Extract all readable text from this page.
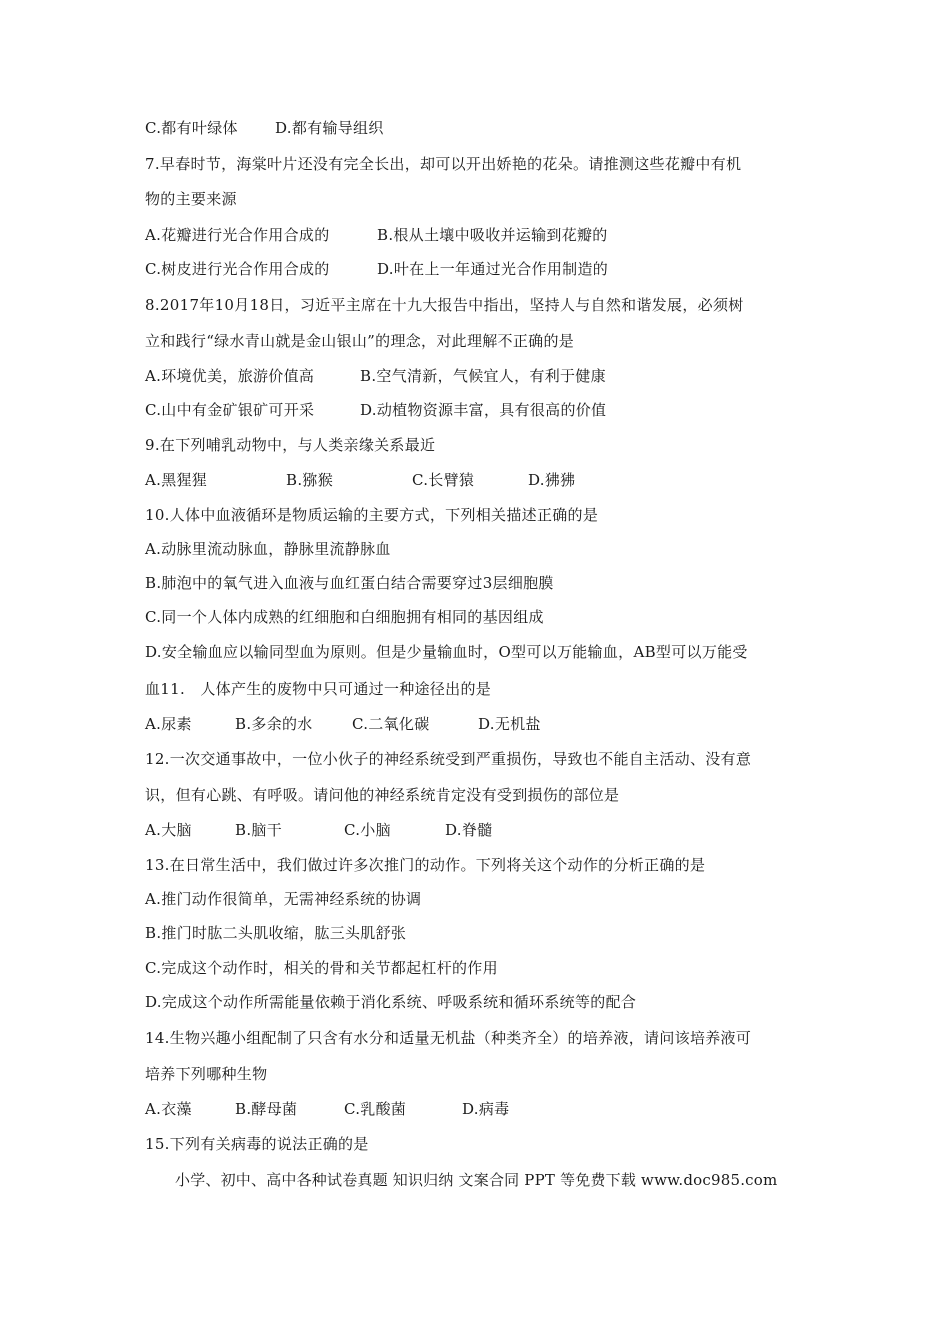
C.都有叶绿体 D.都有输导组织
7.早春时节，海棠叶片还没有完全长出，却可以开出娇艳的花朵。请推测这些花瓣中有机
物的主要来源
A.花瓣进行光合作用合成的	B.根从土壤中吸收并运输到花瓣的
C.树皮进行光合作用合成的	D.叶在上一年通过光合作用制造的
8.2017年10月18日，习近平主席在十九大报告中指出，坚持人与自然和谐发展，必须树
立和践行“绿水青山就是金山银山”的理念，对此理解不正确的是
A.环境优美，旅游价值高	B.空气清新，气候宜人，有利于健康
C.山中有金矿银矿可开采	D.动植物资源丰富，具有很高的价值
9.在下列哺乳动物中，与人类亲缘关系最近
A.黑猩猩	B.猕猴	C.长臂猿	D.狒狒
10.人体中血液循环是物质运输的主要方式，下列相关描述正确的是
A.动脉里流动脉血，静脉里流静脉血
B.肺泡中的氧气进入血液与血红蛋白结合需要穿过3层细胞膜
C.同一个人体内成熟的红细胞和白细胞拥有相同的基因组成
D.安全输血应以输同型血为原则。但是少量输血时，O型可以万能输血，AB型可以万能受
血11.　人体产生的废物中只可通过一种途径出的是
A.尿素	B.多余的水	C.二氧化碳	D.无机盐
12.一次交通事故中，一位小伙子的神经系统受到严重损伤，导致也不能自主活动、没有意
识，但有心跳、有呼吸。请问他的神经系统肯定没有受到损伤的部位是
A.大脑	B.脑干	C.小脑	D.脊髓
13.在日常生活中，我们做过许多次推门的动作。下列将关这个动作的分析正确的是
A.推门动作很简单，无需神经系统的协调
B.推门时肱二头肌收缩，肱三头肌舒张
C.完成这个动作时，相关的骨和关节都起杠杆的作用
D.完成这个动作所需能量依赖于消化系统、呼吸系统和循环系统等的配合
14.生物兴趣小组配制了只含有水分和适量无机盐（种类齐全）的培养液，请问该培养液可
培养下列哪种生物
A.衣藻	B.酵母菌	C.乳酸菌	D.病毒
15.下列有关病毒的说法正确的是
小学、初中、高中各种试卷真题 知识归纳 文案合同 PPT 等免费下载 www.doc985.com
